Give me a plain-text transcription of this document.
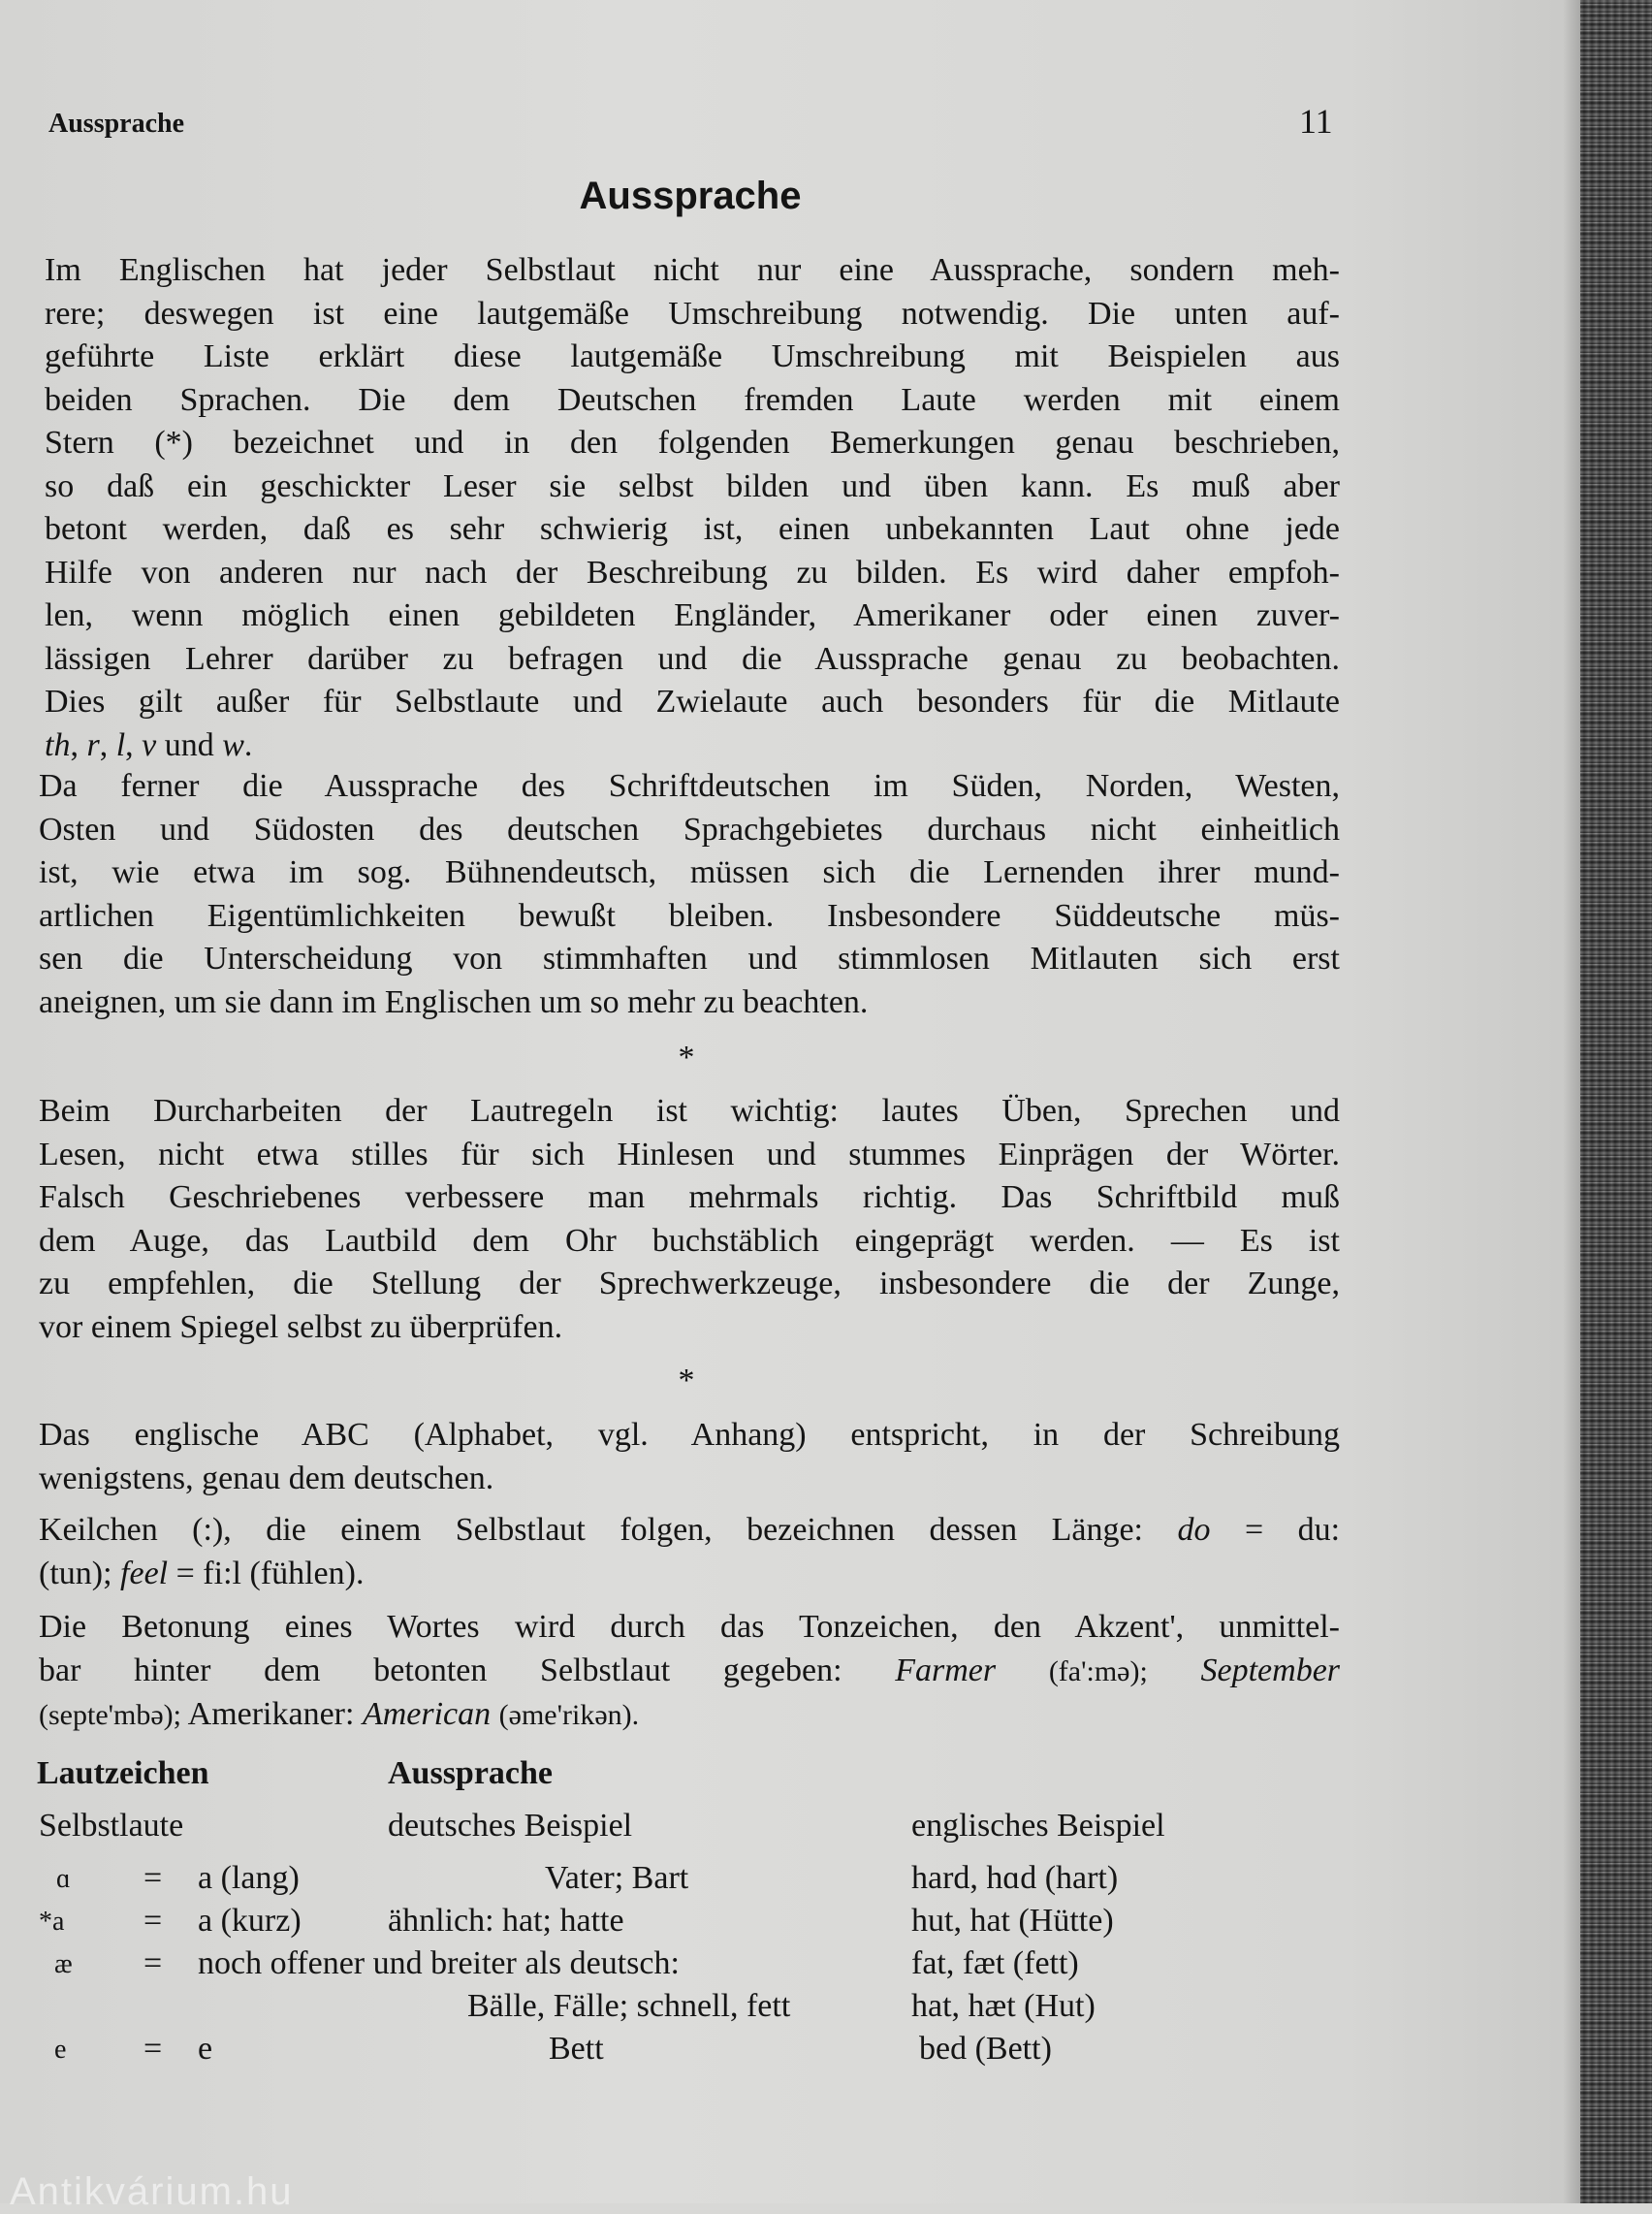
Aussprache	11
Aussprache
Im Englischen hat jeder Selbstlaut nicht nur eine Aussprache, sondern meh-
rere; deswegen ist eine lautgemäße Umschreibung notwendig. Die unten auf-
geführte Liste erklärt diese lautgemäße Umschreibung mit Beispielen aus
beiden Sprachen. Die dem Deutschen fremden Laute werden mit einem
Stern (*) bezeichnet und in den folgenden Bemerkungen genau beschrieben,
so daß ein geschickter Leser sie selbst bilden und üben kann. Es muß aber
betont werden, daß es sehr schwierig ist, einen unbekannten Laut ohne jede
Hilfe von anderen nur nach der Beschreibung zu bilden. Es wird daher empfoh-
len, wenn möglich einen gebildeten Engländer, Amerikaner oder einen zuver-
lässigen Lehrer darüber zu befragen und die Aussprache genau zu beobachten.
Dies gilt außer für Selbstlaute und Zwielaute auch besonders für die Mitlaute
th, r, l, v und w.
Da ferner die Aussprache des Schriftdeutschen im Süden, Norden, Westen,
Osten und Südosten des deutschen Sprachgebietes durchaus nicht einheitlich
ist, wie etwa im sog. Bühnendeutsch, müssen sich die Lernenden ihrer mund-
artlichen Eigentümlichkeiten bewußt bleiben. Insbesondere Süddeutsche müs-
sen die Unterscheidung von stimmhaften und stimmlosen Mitlauten sich erst
aneignen, um sie dann im Englischen um so mehr zu beachten.
*
Beim Durcharbeiten der Lautregeln ist wichtig: lautes Üben, Sprechen und
Lesen, nicht etwa stilles für sich Hinlesen und stummes Einprägen der Wörter.
Falsch Geschriebenes verbessere man mehrmals richtig. Das Schriftbild muß
dem Auge, das Lautbild dem Ohr buchstäblich eingeprägt werden. — Es ist
zu empfehlen, die Stellung der Sprechwerkzeuge, insbesondere die der Zunge,
vor einem Spiegel selbst zu überprüfen.
*
Das englische ABC (Alphabet, vgl. Anhang) entspricht, in der Schreibung
wenigstens, genau dem deutschen.
Keilchen (:), die einem Selbstlaut folgen, bezeichnen dessen Länge: do = du:
(tun); feel = fi:l (fühlen).
Die Betonung eines Wortes wird durch das Tonzeichen, den Akzent', unmittel-
bar hinter dem betonten Selbstlaut gegeben: Farmer (fa':mə); September
(septe'mbə); Amerikaner: American (əme'rikən).
Lautzeichen	Aussprache
Selbstlaute	deutsches Beispiel	englisches Beispiel
ɑ = a (lang)	Vater; Bart	hard, hɑd (hart)
*a = a (kurz)	ähnlich: hat; hatte	hut, hat (Hütte)
æ = noch offener und breiter als deutsch:	fat, fæt (fett)
Bälle, Fälle; schnell, fett	hat, hæt (Hut)
e = e	Bett	bed (Bett)
Antikvárium.hu
